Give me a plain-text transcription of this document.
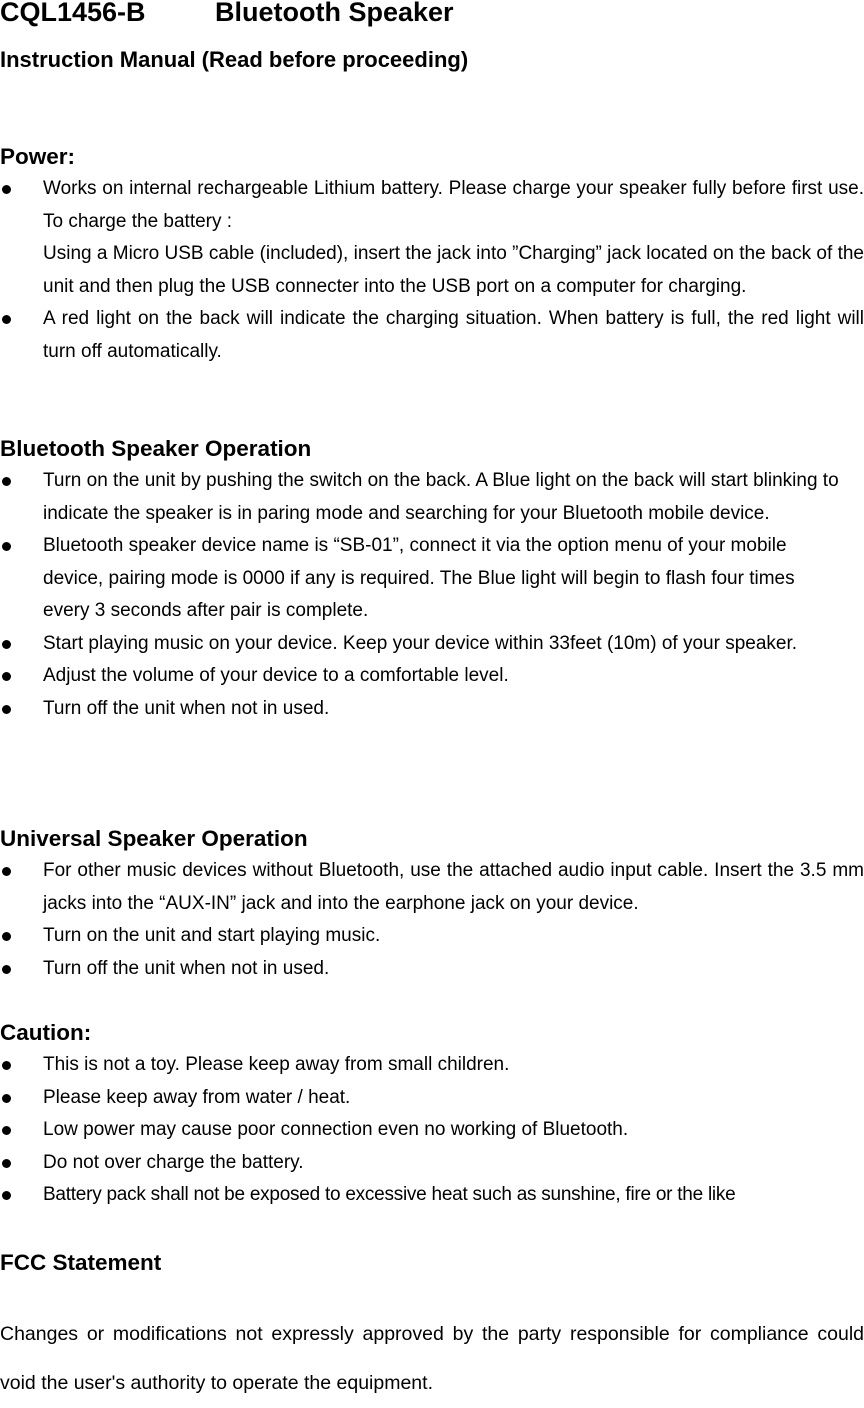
CQL1456-B	Bluetooth Speaker
Instruction Manual (Read before proceeding)
Power:
Works on internal rechargeable Lithium battery. Please charge your speaker fully before first use. To charge the battery :
Using a Micro USB cable (included), insert the jack into ”Charging” jack located on the back of the unit and then plug the USB connecter into the USB port on a computer for charging.
A red light on the back will indicate the charging situation. When battery is full, the red light will turn off automatically.
Bluetooth Speaker Operation
Turn on the unit by pushing the switch on the back. A Blue light on the back will start blinking to indicate the speaker is in paring mode and searching for your Bluetooth mobile device.
Bluetooth speaker device name is “SB-01”, connect it via the option menu of your mobile device, pairing mode is 0000 if any is required. The Blue light will begin to flash four times every 3 seconds after pair is complete.
Start playing music on your device. Keep your device within 33feet (10m) of your speaker.
Adjust the volume of your device to a comfortable level.
Turn off the unit when not in used.
Universal Speaker Operation
For other music devices without Bluetooth, use the attached audio input cable. Insert the 3.5 mm jacks into the “AUX-IN” jack and into the earphone jack on your device.
Turn on the unit and start playing music.
Turn off the unit when not in used.
Caution:
This is not a toy. Please keep away from small children.
Please keep away from water / heat.
Low power may cause poor connection even no working of Bluetooth.
Do not over charge the battery.
Battery pack shall not be exposed to excessive heat such as sunshine, fire or the like
FCC Statement
Changes or modifications not expressly approved by the party responsible for compliance could void the user's authority to operate the equipment.
